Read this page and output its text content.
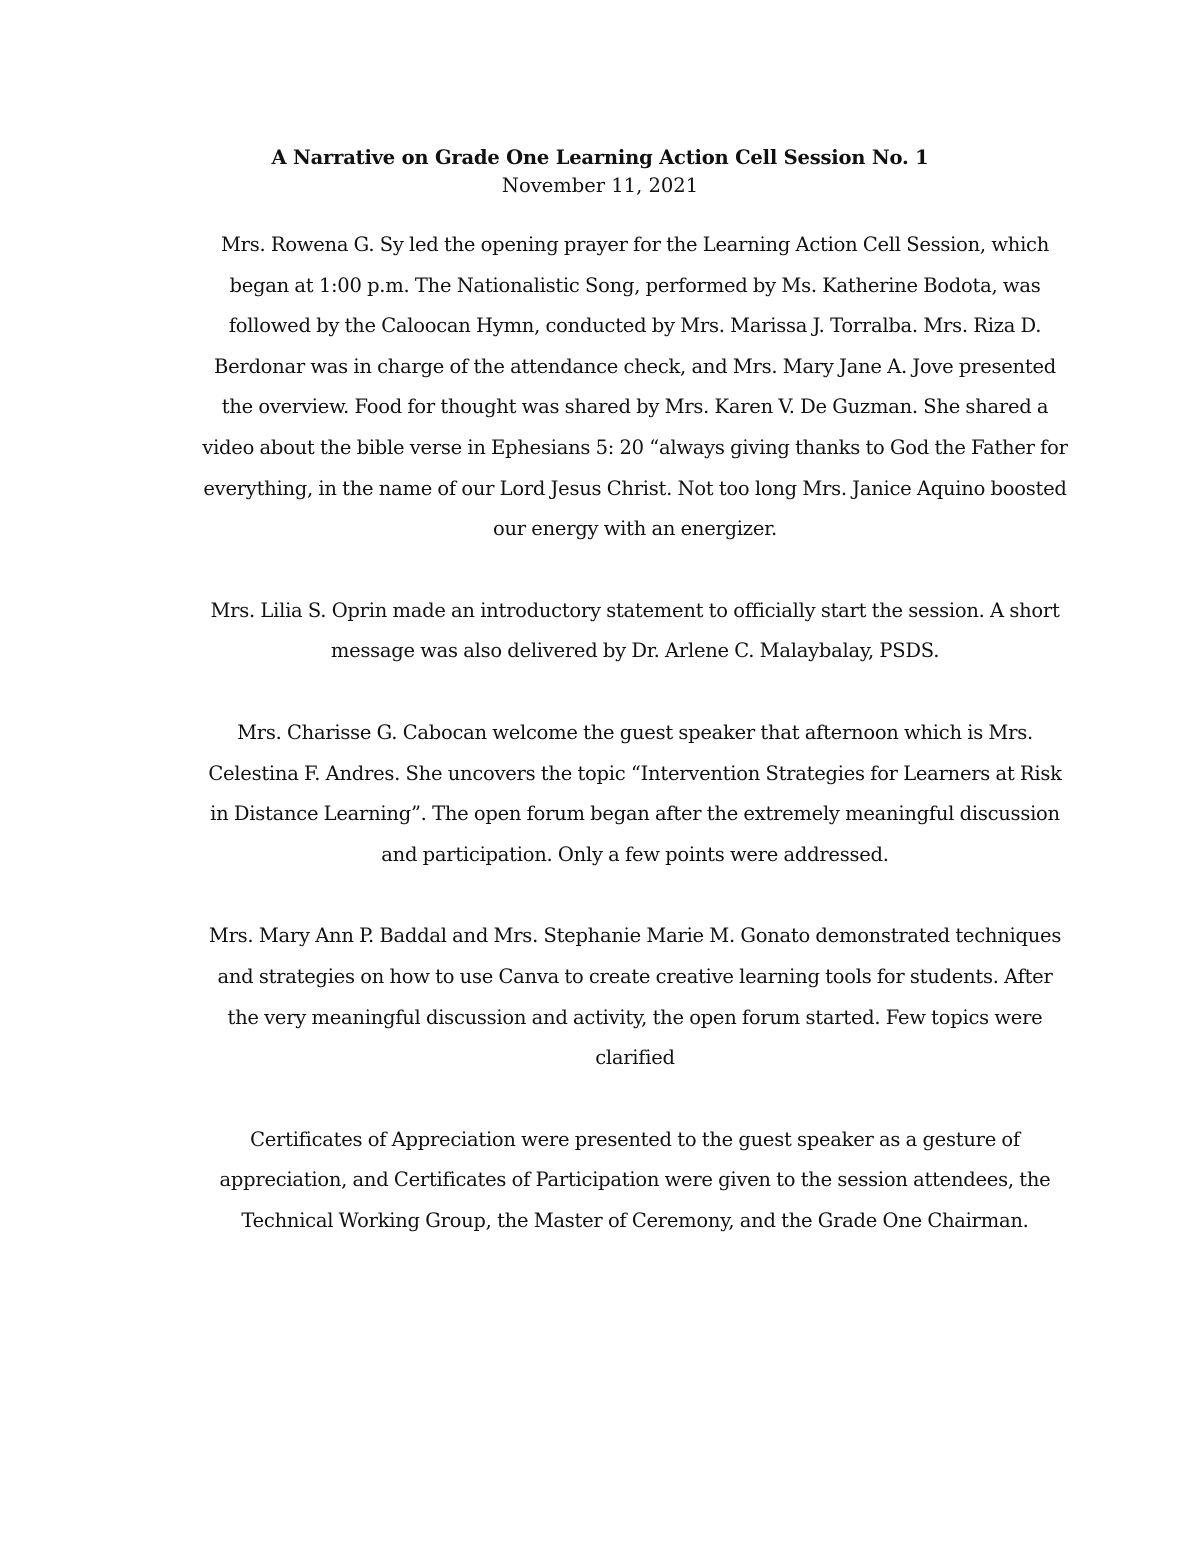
A Narrative on Grade One Learning Action Cell Session No. 1

November 11, 2021

Mrs. Rowena G. Sy led the opening prayer for the Learning Action Cell Session, which began at 1:00 p.m. The Nationalistic Song, performed by Ms. Katherine Bodota, was followed by the Caloocan Hymn, conducted by Mrs. Marissa J. Torralba. Mrs. Riza D. Berdonar was in charge of the attendance check, and Mrs. Mary Jane A. Jove presented the overview. Food for thought was shared by Mrs. Karen V. De Guzman. She shared a video about the bible verse in Ephesians 5: 20 “always giving thanks to God the Father for everything, in the name of our Lord Jesus Christ. Not too long Mrs. Janice Aquino boosted our energy with an energizer.

Mrs. Lilia S. Oprin made an introductory statement to officially start the session. A short message was also delivered by Dr. Arlene C. Malaybalay, PSDS.

Mrs. Charisse G. Cabocan welcome the guest speaker that afternoon which is Mrs. Celestina F. Andres. She uncovers the topic “Intervention Strategies for Learners at Risk in Distance Learning”. The open forum began after the extremely meaningful discussion and participation. Only a few points were addressed.

Mrs. Mary Ann P. Baddal and Mrs. Stephanie Marie M. Gonato demonstrated techniques and strategies on how to use Canva to create creative learning tools for students. After the very meaningful discussion and activity, the open forum started. Few topics were clarified

Certificates of Appreciation were presented to the guest speaker as a gesture of appreciation, and Certificates of Participation were given to the session attendees, the Technical Working Group, the Master of Ceremony, and the Grade One Chairman.
